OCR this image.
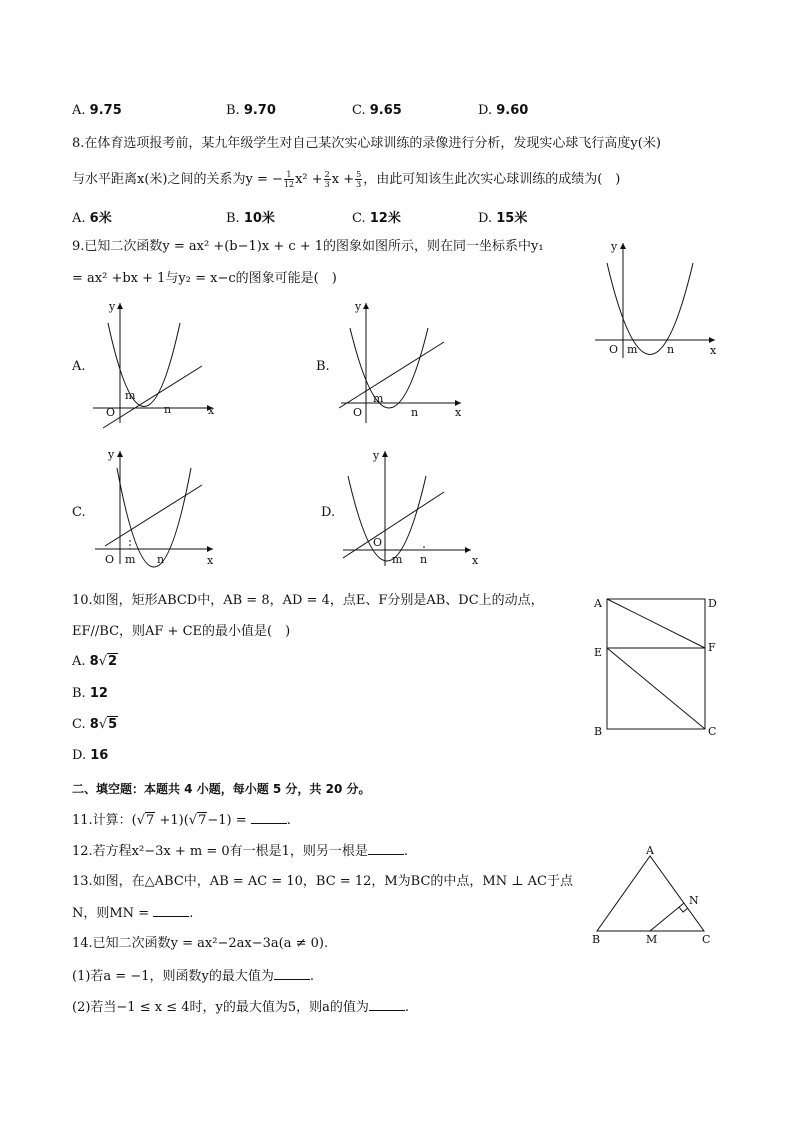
A. 9.75	B. 9.70	C. 9.65	D. 9.60
8.在体育选项报考前，某九年级学生对自己某次实心球训练的录像进行分析，发现实心球飞行高度y(米)
与水平距离x(米)之间的关系为y = − $\frac{1}{12} x^2 + \frac{2}{3}$ $x + \frac{5}{3}$ ，由此可知该生此次实心球训练的成绩为(　)
A. 6米	B. 10米	C. 12米	D. 15米
9.已知二次函数y = ax² +(b−1)x + c + 1的图象如图所示，则在同一坐标系中y₁
= ax² +bx + 1与y₂ = x−c的图象可能是(　)
y
x
O m	n
A.
y
x
O
m
n
B.
y
x
O
m
n
C.
y
x
O m n
D.
y
x
O
m n
10.如图，矩形ABCD中，AB = 8，AD = 4，点E、F分别是AB、DC上的动点，
EF//BC，则AF + CE的最小值是(　)
A. 8√2
B. 12
C. 8√5
D. 16
A	D
E	F
B	C
二、填空题：本题共 4 小题，每小题 5 分，共 20 分。
11.计算：(√7 +1)(√7−1) =	.
12.若方程x²−3x + m = 0有一根是1，则另一根是	.
13.如图，在△ABC中，AB = AC = 10，BC = 12，M为BC的中点，MN ⊥ AC于点
N，则MN =	.
A
B	M	C
N
14.已知二次函数y = ax²−2ax−3a(a ≠ 0).
(1)若a = −1，则函数y的最大值为	.
(2)若当−1 ≤ x ≤ 4时，y的最大值为5，则a的值为	.
